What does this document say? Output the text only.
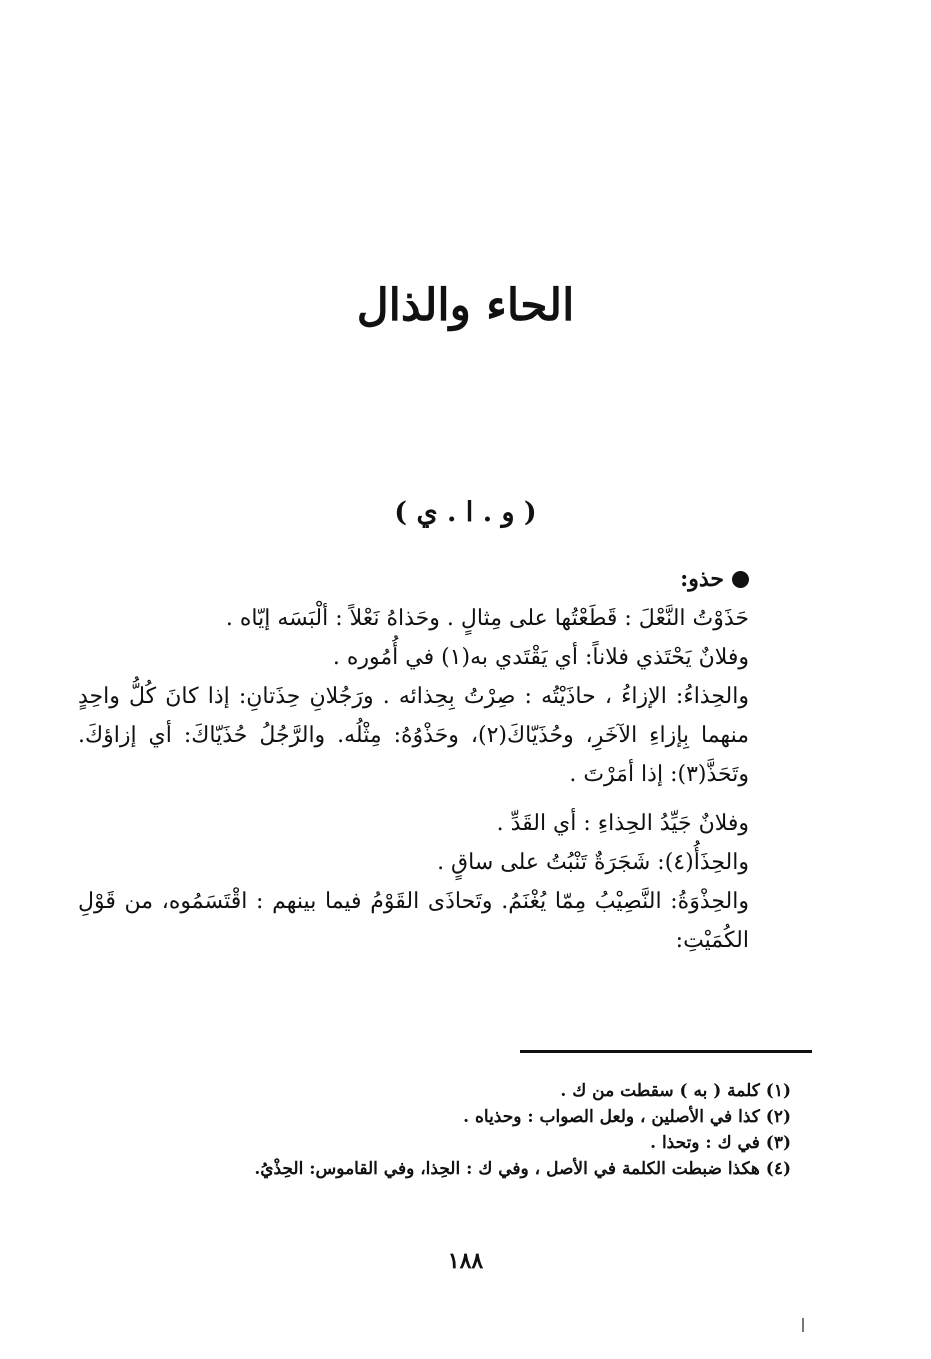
الحاء والذال
( و . ا . ي )
حذو:

حَذَوْتُ النَّعْلَ : قَطَعْتُها على مِثالٍ . وحَذاهُ نَعْلاً : ألْبَسَه إيّاه .

وفلانٌ يَحْتَذي فلاناً: أي يَقْتَدي به(١) في أُمُوره .

والحِذاءُ: الإزاءُ ، حاذَيْتُه : صِرْتُ بِحِذائه . ورَجُلانِ حِذَتانِ: إذا كانَ كُلُّ واحِدٍ منهما بِإزاءِ الآخَرِ، وحُذَيّاكَ(٢)، وحَذْوُهُ: مِثْلُه. والرَّجُلُ حُذَيّاكَ: أي إزاؤكَ. وتَحَذَّ(٣): إذا أمَرْتَ .

وفلانٌ جَيِّدُ الحِذاءِ : أي القَدِّ .

والحِذَأُ(٤): شَجَرَةٌ تَنْبُتُ على ساقٍ .

والحِذْوَةُ: النَّصِيْبُ مِمّا يُغْنَمُ. وتَحاذَى القَوْمُ فيما بينهم : اقْتَسَمُوه، من قَوْلِ الكُمَيْتِ:

(١) كلمة ( به ) سقطت من ك .

(٢) كذا في الأصلين ، ولعل الصواب : وحذياه .

(٣) في ك : وتحذا .

(٤) هكذا ضبطت الكلمة في الأصل ، وفي ك : الحِذا، وفي القاموس: الحِذْيُ.

١٨٨
